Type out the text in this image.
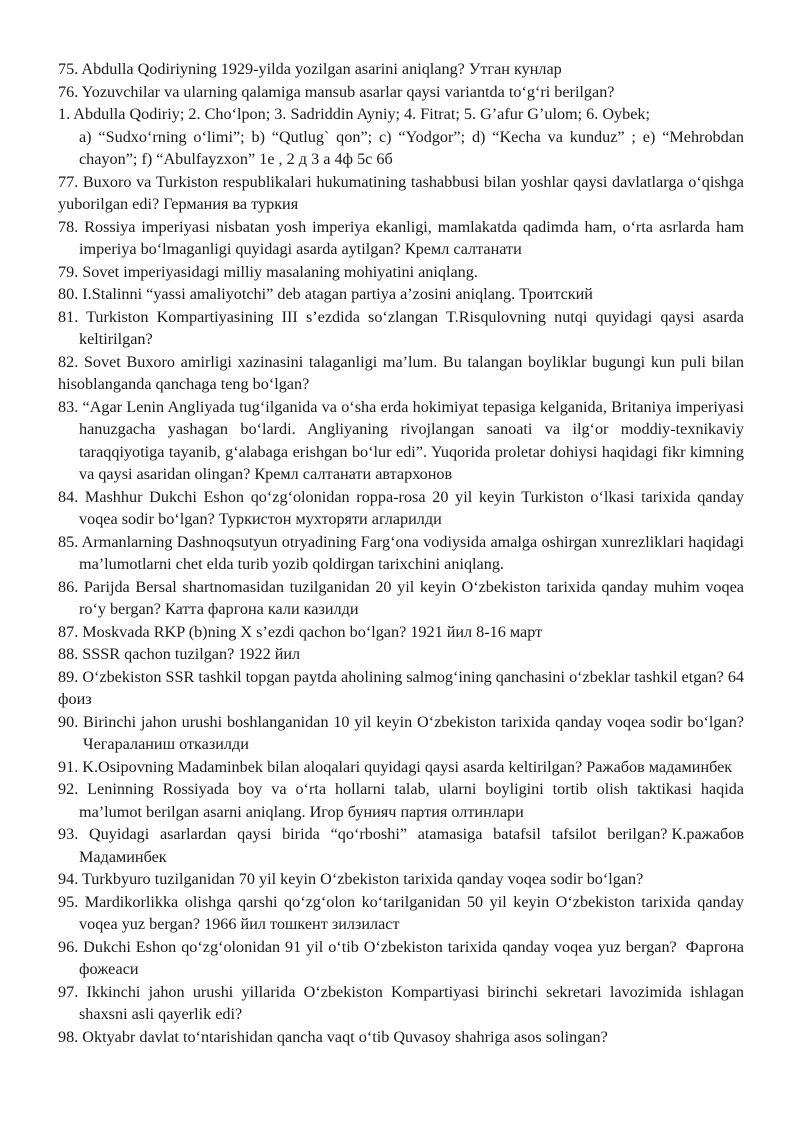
75. Abdulla Qodiriyning 1929-yilda yozilgan asarini aniqlang? Утган кунлар

76. Yozuvchilar va ularning qalamiga mansub asarlar qaysi variantda to‘g‘ri berilgan?

1. Abdulla Qodiriy; 2. Cho‘lpon; 3. Sadriddin Ayniy; 4. Fitrat; 5. G’afur G’ulom; 6. Oybek;

a) “Sudxo‘rning o‘limi”; b) “Qutlug` qon”; c) “Yodgor”; d) “Kecha va kunduz” ; e) “Mehrobdan chayon”; f) “Abulfayzxon” 1е , 2 д 3 а 4ф 5с 6б

77. Buxoro va Turkiston respublikalari hukumatining tashabbusi bilan yoshlar qaysi davlatlarga o‘qishga yuborilgan edi? Германия ва туркия

78. Rossiya imperiyasi nisbatan yosh imperiya ekanligi, mamlakatda qadimda ham, o‘rta asrlarda ham imperiya bo‘lmaganligi quyidagi asarda aytilgan? Кремл салтанати

79. Sovet imperiyasidagi milliy masalaning mohiyatini aniqlang.

80. I.Stalinni “yassi amaliyotchi” deb atagan partiya a’zosini aniqlang. Троитский

81. Turkiston Kompartiyasining III s’ezdida so‘zlangan T.Risqulovning nutqi quyidagi qaysi asarda keltirilgan?

82. Sovet Buxoro amirligi xazinasini talaganligi ma’lum. Bu talangan boyliklar bugungi kun puli bilan hisoblanganda qanchaga teng bo‘lgan?

83. “Agar Lenin Angliyada tug‘ilganida va o‘sha erda hokimiyat tepasiga kelganida, Britaniya imperiyasi hanuzgacha yashagan bo‘lardi. Angliyaning rivojlangan sanoati va ilg‘or moddiy-texnikaviy taraqqiyotiga tayanib, g‘alabaga erishgan bo‘lur edi”. Yuqorida proletar dohiysi haqidagi fikr kimning va qaysi asaridan olingan? Кремл салтанати автархонов

84. Mashhur Dukchi Eshon qo‘zg‘olonidan roppa-rosa 20 yil keyin Turkiston o‘lkasi tarixida qanday voqea sodir bo‘lgan? Туркистон мухторяти агларилди

85. Armanlarning Dashnoqsutyun otryadining Farg‘ona vodiysida amalga oshirgan xunrezliklari haqidagi ma’lumotlarni chet elda turib yozib qoldirgan tarixchini aniqlang.

86. Parijda Bersal shartnomasidan tuzilganidan 20 yil keyin O‘zbekiston tarixida qanday muhim voqea ro‘y bergan? Катта фаргона кали казилди

87. Moskvada RKP (b)ning X s’ezdi qachon bo‘lgan? 1921 йил 8-16 март

88. SSSR qachon tuzilgan? 1922 йил

89. O‘zbekiston SSR tashkil topgan paytda aholining salmog‘ining qanchasini o‘zbeklar tashkil etgan? 64 фоиз

90. Birinchi jahon urushi boshlanganidan 10 yil keyin O‘zbekiston tarixida qanday voqea sodir bo‘lgan?Чегараланиш отказилди

91. K.Osipovning Madaminbek bilan aloqalari quyidagi qaysi asarda keltirilgan? Ражабов мадаминбек

92. Leninning Rossiyada boy va o‘rta hollarni talab, ularni boyligini tortib olish taktikasi haqida ma’lumot berilgan asarni aniqlang. Игор бунияч партия олтинлари

93. Quyidagi asarlardan qaysi birida “qo‘rboshi” atamasiga batafsil tafsilot berilgan? К.ражабов Мадаминбек

94. Turkbyuro tuzilganidan 70 yil keyin O‘zbekiston tarixida qanday voqea sodir bo‘lgan?

95. Mardikorlikka olishga qarshi qo‘zg‘olon ko‘tarilganidan 50 yil keyin O‘zbekiston tarixida qanday voqea yuz bergan? 1966 йил тошкент зилзиласт

96. Dukchi Eshon qo‘zg‘olonidan 91 yil o‘tib O‘zbekiston tarixida qanday voqea yuz bergan? Фаргона фожеаси

97. Ikkinchi jahon urushi yillarida O‘zbekiston Kompartiyasi birinchi sekretari lavozimida ishlagan shaxsni asli qayerlik edi?

98. Oktyabr davlat to‘ntarishidan qancha vaqt o‘tib Quvasoy shahriga asos solingan?
